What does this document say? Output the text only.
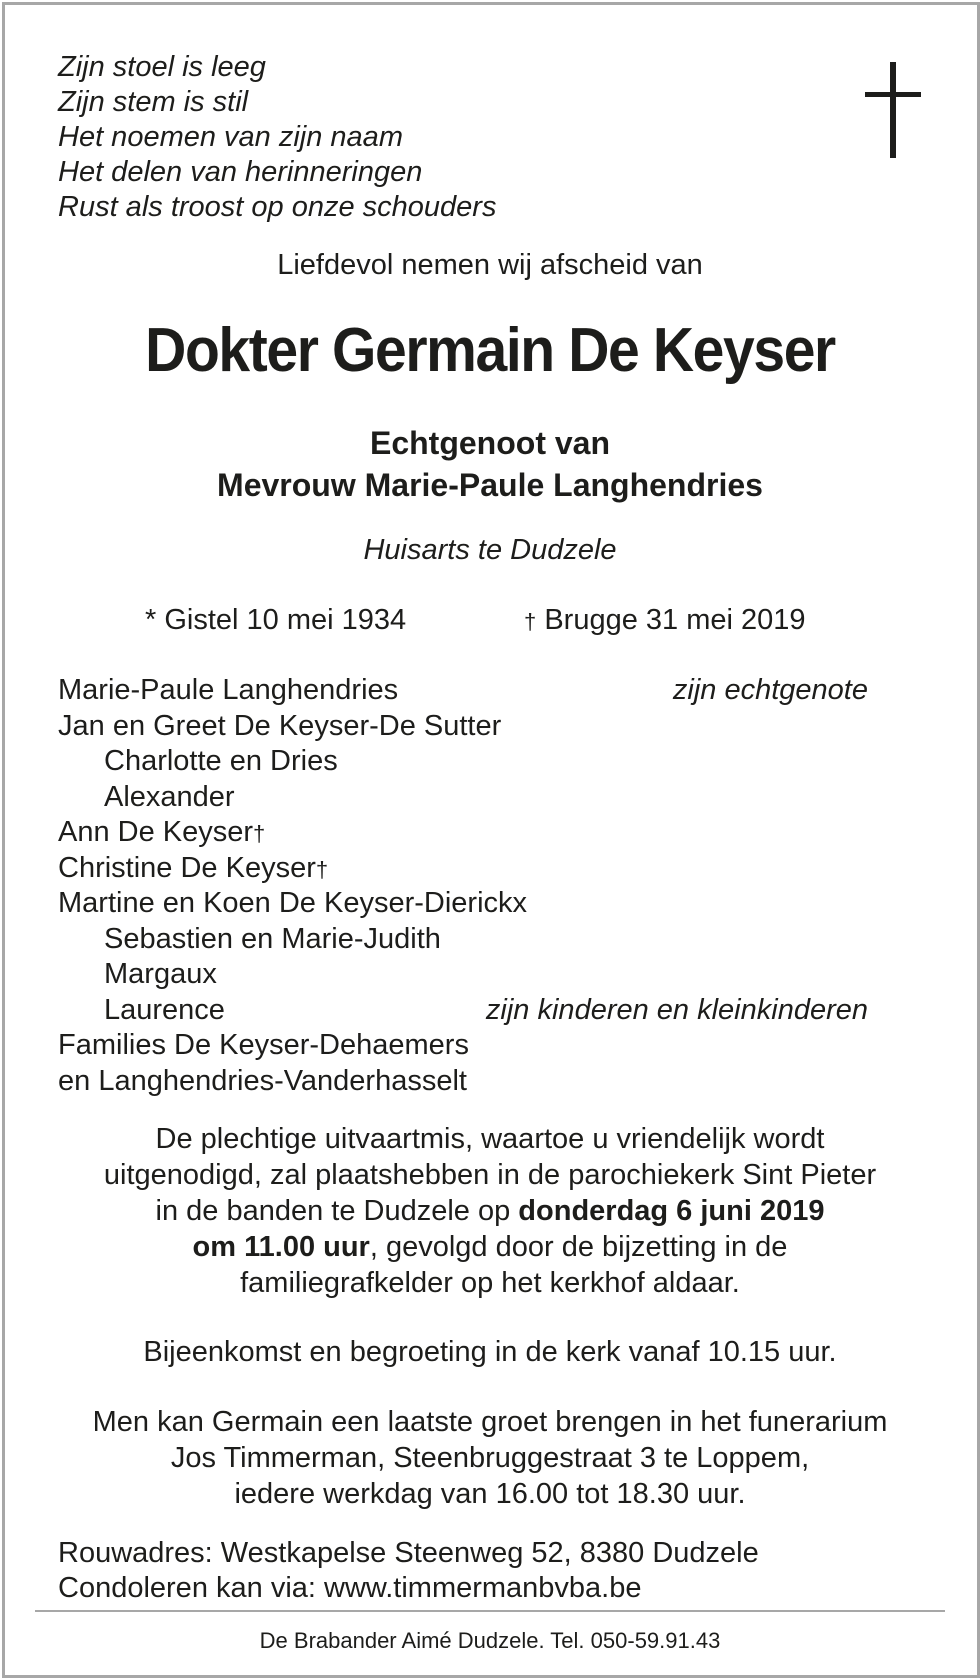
Zijn stoel is leeg
Zijn stem is stil
Het noemen van zijn naam
Het delen van herinneringen
Rust als troost op onze schouders
Liefdevol nemen wij afscheid van
Dokter Germain De Keyser
Echtgenoot van
Mevrouw Marie-Paule Langhendries
Huisarts te Dudzele
* Gistel 10 mei 1934	† Brugge 31 mei 2019
Marie-Paule Langhendries	zijn echtgenote
Jan en Greet De Keyser-De Sutter
Charlotte en Dries
Alexander
Ann De Keyser†
Christine De Keyser†
Martine en Koen De Keyser-Dierickx
Sebastien en Marie-Judith
Margaux
Laurence	zijn kinderen en kleinkinderen
Families De Keyser-Dehaemers
en Langhendries-Vanderhasselt
De plechtige uitvaartmis, waartoe u vriendelijk wordt
uitgenodigd, zal plaatshebben in de parochiekerk Sint Pieter
in de banden te Dudzele op donderdag 6 juni 2019
om 11.00 uur, gevolgd door de bijzetting in de
familiegrafkelder op het kerkhof aldaar.
Bijeenkomst en begroeting in de kerk vanaf 10.15 uur.
Men kan Germain een laatste groet brengen in het funerarium
Jos Timmerman, Steenbruggestraat 3 te Loppem,
iedere werkdag van 16.00 tot 18.30 uur.
Rouwadres: Westkapelse Steenweg 52, 8380 Dudzele
Condoleren kan via: www.timmermanbvba.be
De Brabander Aimé Dudzele. Tel. 050-59.91.43
